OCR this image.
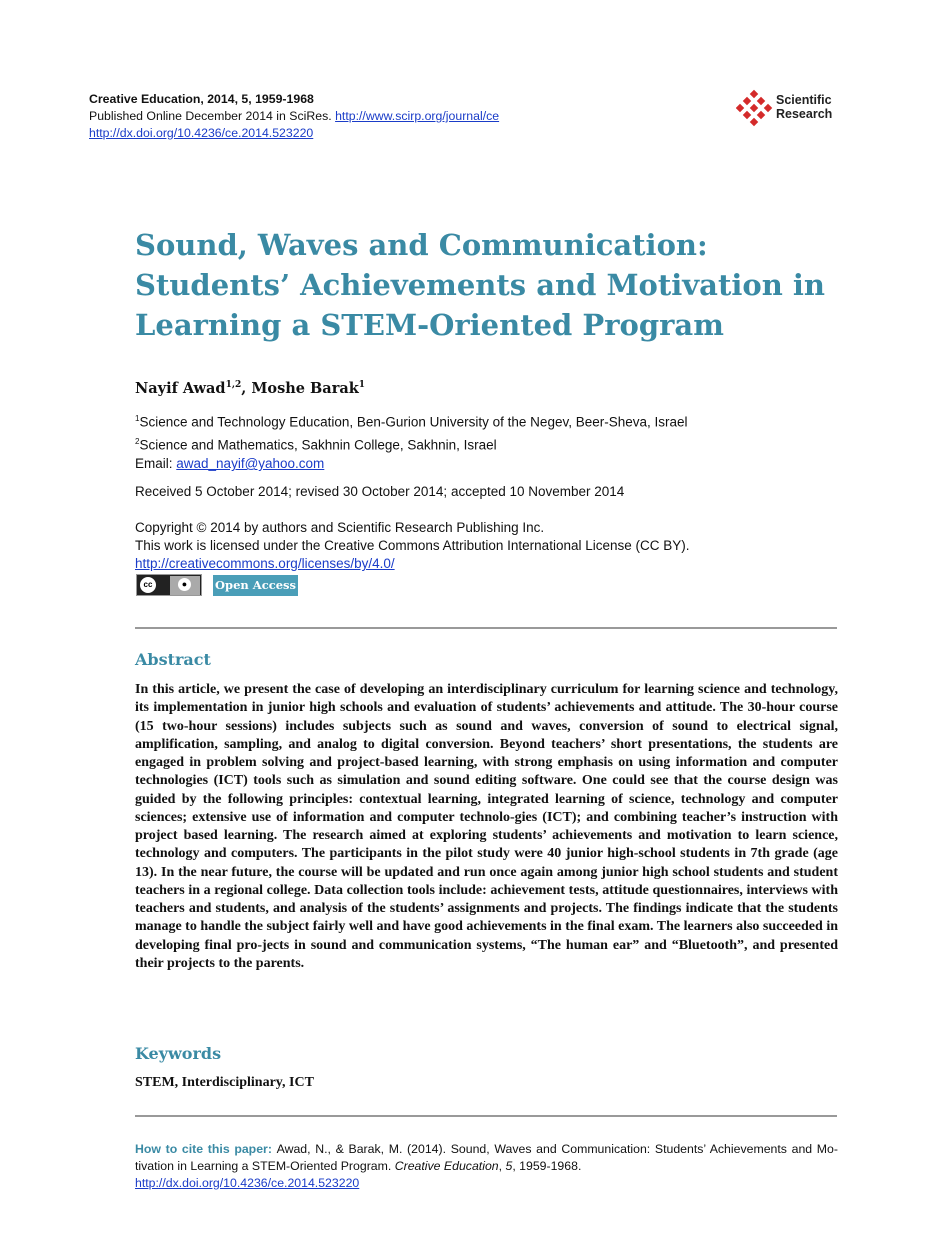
Creative Education, 2014, 5, 1959-1968
Published Online December 2014 in SciRes. http://www.scirp.org/journal/ce
http://dx.doi.org/10.4236/ce.2014.523220
Scientific
Research
Sound, Waves and Communication: Students’ Achievements and Motivation in Learning a STEM-Oriented Program
Nayif Awad$^{1,2}$, Moshe Barak$^1$
$^1$Science and Technology Education, Ben-Gurion University of the Negev, Beer-Sheva, Israel
$^2$Science and Mathematics, Sakhnin College, Sakhnin, Israel
Email: awad_nayif@yahoo.com
Received 5 October 2014; revised 30 October 2014; accepted 10 November 2014
Copyright © 2014 by authors and Scientific Research Publishing Inc.
This work is licensed under the Creative Commons Attribution International License (CC BY).
http://creativecommons.org/licenses/by/4.0/
cc	●	Open Access
Abstract
In this article, we present the case of developing an interdisciplinary curriculum for learning science and technology, its implementation in junior high schools and evaluation of students’ achievements and attitude. The 30-hour course (15 two-hour sessions) includes subjects such as sound and waves, conversion of sound to electrical signal, amplification, sampling, and analog to digital conversion. Beyond teachers’ short presentations, the students are engaged in problem solving and project-based learning, with strong emphasis on using information and computer technologies (ICT) tools such as simulation and sound editing software. One could see that the course design was guided by the following principles: contextual learning, integrated learning of science, technology and computer sciences; extensive use of information and computer technolo-gies (ICT); and combining teacher’s instruction with project based learning. The research aimed at exploring students’ achievements and motivation to learn science, technology and computers. The participants in the pilot study were 40 junior high-school students in 7th grade (age 13). In the near future, the course will be updated and run once again among junior high school students and student teachers in a regional college. Data collection tools include: achievement tests, attitude questionnaires, interviews with teachers and students, and analysis of the students’ assignments and projects. The findings indicate that the students manage to handle the subject fairly well and have good achievements in the final exam. The learners also succeeded in developing final pro-jects in sound and communication systems, “The human ear” and “Bluetooth”, and presented their projects to the parents.
Keywords
STEM, Interdisciplinary, ICT
How to cite this paper: Awad, N., & Barak, M. (2014). Sound, Waves and Communication: Students’ Achievements and Mo-tivation in Learning a STEM-Oriented Program. Creative Education, 5, 1959-1968.
http://dx.doi.org/10.4236/ce.2014.523220
